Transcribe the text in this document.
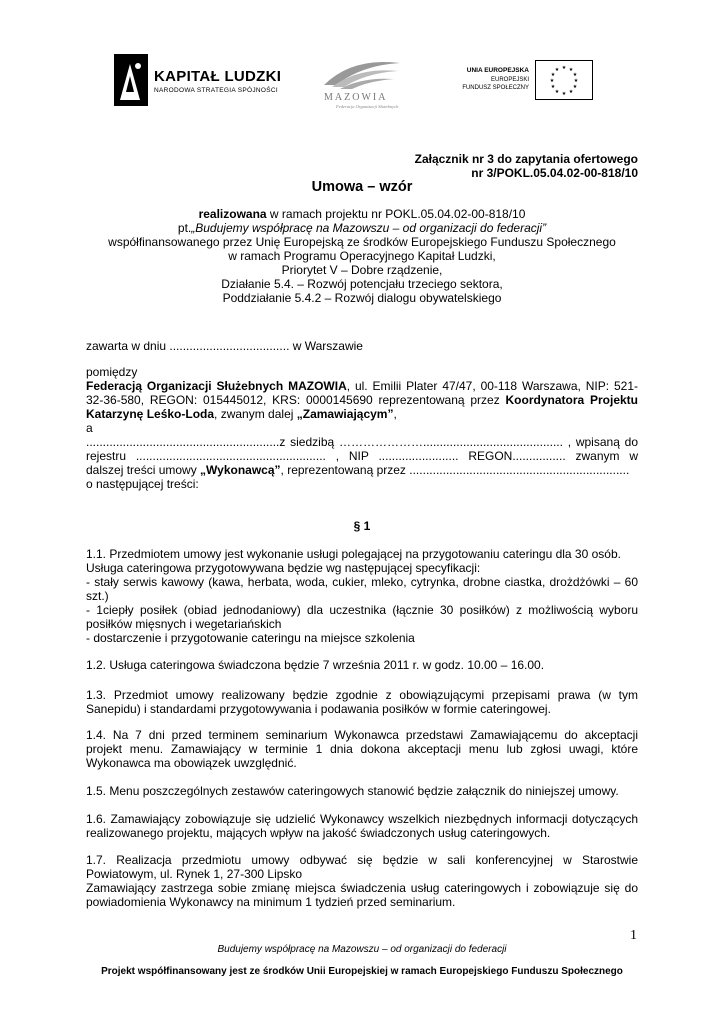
KAPITAŁ LUDZKI
NARODOWA STRATEGIA SPÓJNOŚCI
MAZOWIA
Federacja Organizacji Służebnych
UNIA EUROPEJSKA
EUROPEJSKI
FUNDUSZ SPOŁECZNY
★ ★
★
★
★
★
★
★
★
★
★
★
Załącznik nr 3 do zapytania ofertowego
nr 3/POKL.05.04.02-00-818/10
Umowa – wzór
realizowana w ramach projektu nr POKL.05.04.02-00-818/10
pt.„Budujemy współpracę na Mazowszu – od organizacji do federacji”
współfinansowanego przez Unię Europejską ze środków Europejskiego Funduszu Społecznego
w ramach Programu Operacyjnego Kapitał Ludzki,
Priorytet V – Dobre rządzenie,
Działanie 5.4. – Rozwój potencjału trzeciego sektora,
Poddziałanie 5.4.2 – Rozwój dialogu obywatelskiego
zawarta w dniu .................................... w Warszawie
pomiędzy
Federacją Organizacji Służebnych MAZOWIA, ul. Emilii Plater 47/47, 00-118 Warszawa, NIP: 521-
32-36-580, REGON: 015445012, KRS: 0000145690 reprezentowaną przez Koordynatora Projektu
Katarzynę Leśko-Loda, zwanym dalej „Zamawiającym”,
a
..........................................................z siedzibą ………………….......................................... , wpisaną do
rejestru ......................................................... , NIP ........................ REGON................ zwanym w
dalszej treści umowy „Wykonawcą”, reprezentowaną przez ..................................................................
o następującej treści:
§ 1
1.1. Przedmiotem umowy jest wykonanie usługi polegającej na przygotowaniu cateringu dla 30 osób.
Usługa cateringowa przygotowywana będzie wg następującej specyfikacji:
- stały serwis kawowy (kawa, herbata, woda, cukier, mleko, cytrynka, drobne ciastka, drożdżówki – 60
szt.)
- 1ciepły posiłek (obiad jednodaniowy) dla uczestnika (łącznie 30 posiłków) z możliwością wyboru
posiłków mięsnych i wegetariańskich
- dostarczenie i przygotowanie cateringu na miejsce szkolenia
1.2. Usługa cateringowa świadczona będzie 7 września 2011 r. w godz. 10.00 – 16.00.
1.3. Przedmiot umowy realizowany będzie zgodnie z obowiązującymi przepisami prawa (w tym
Sanepidu) i standardami przygotowywania i podawania posiłków w formie cateringowej.
1.4. Na 7 dni przed terminem seminarium Wykonawca przedstawi Zamawiającemu do akceptacji
projekt menu. Zamawiający w terminie 1 dnia dokona akceptacji menu lub zgłosi uwagi, które
Wykonawca ma obowiązek uwzględnić.
1.5. Menu poszczególnych zestawów cateringowych stanowić będzie załącznik do niniejszej umowy.
1.6. Zamawiający zobowiązuje się udzielić Wykonawcy wszelkich niezbędnych informacji dotyczących
realizowanego projektu, mających wpływ na jakość świadczonych usług cateringowych.
1.7. Realizacja przedmiotu umowy odbywać się będzie w sali konferencyjnej w Starostwie
Powiatowym, ul. Rynek 1, 27-300 Lipsko
Zamawiający zastrzega sobie zmianę miejsca świadczenia usług cateringowych i zobowiązuje się do
powiadomienia Wykonawcy na minimum 1 tydzień przed seminarium.
1
Budujemy współpracę na Mazowszu – od organizacji do federacji
Projekt współfinansowany jest ze środków Unii Europejskiej w ramach Europejskiego Funduszu Społecznego
